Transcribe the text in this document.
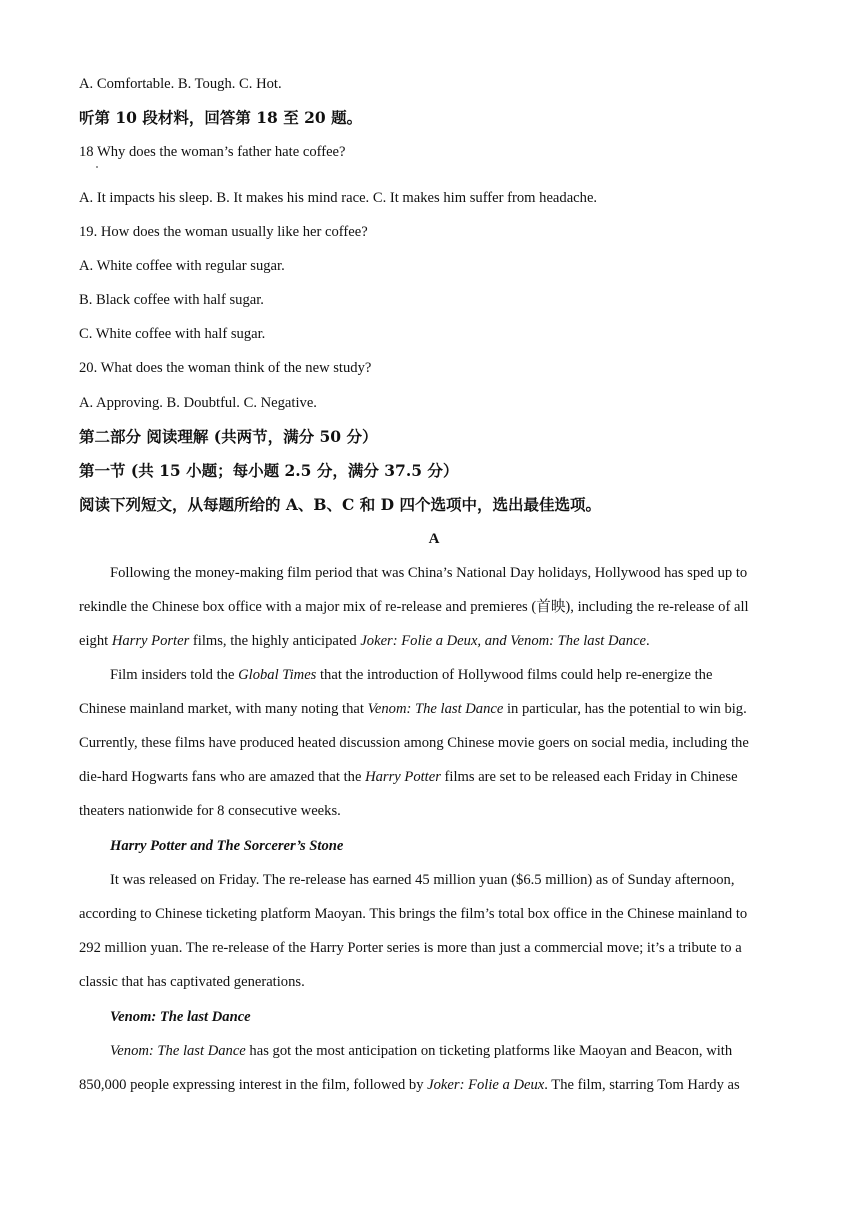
A. Comfortable. B. Tough. C. Hot.
听第 10 段材料，回答第 18 至 20 题。
18 Why does the woman’s father hate coffee?
A. It impacts his sleep. B. It makes his mind race. C. It makes him suffer from headache.
19. How does the woman usually like her coffee?
A. White coffee with regular sugar.
B. Black coffee with half sugar.
C. White coffee with half sugar.
20. What does the woman think of the new study?
A. Approving. B. Doubtful. C. Negative.
第二部分 阅读理解 (共两节，满分 50 分）
第一节 (共 15 小题；每小题 2.5 分，满分 37.5 分）
阅读下列短文，从每题所给的 A、B、C 和 D 四个选项中，选出最佳选项。
A
Following the money-making film period that was China’s National Day holidays, Hollywood has sped up to
rekindle the Chinese box office with a major mix of re-release and premieres (首映), including the re-release of all
eight Harry Porter films, the highly anticipated Joker: Folie a Deux, and Venom: The last Dance.
Film insiders told the Global Times that the introduction of Hollywood films could help re-energize the
Chinese mainland market, with many noting that Venom: The last Dance in particular, has the potential to win big.
Currently, these films have produced heated discussion among Chinese movie goers on social media, including the
die-hard Hogwarts fans who are amazed that the Harry Potter films are set to be released each Friday in Chinese
theaters nationwide for 8 consecutive weeks.
Harry Potter and The Sorcerer’s Stone
It was released on Friday. The re-release has earned 45 million yuan ($6.5 million) as of Sunday afternoon,
according to Chinese ticketing platform Maoyan. This brings the film’s total box office in the Chinese mainland to
292 million yuan. The re-release of the Harry Porter series is more than just a commercial move; it’s a tribute to a
classic that has captivated generations.
Venom: The last Dance
Venom: The last Dance has got the most anticipation on ticketing platforms like Maoyan and Beacon, with
850,000 people expressing interest in the film, followed by Joker: Folie a Deux. The film, starring Tom Hardy as
